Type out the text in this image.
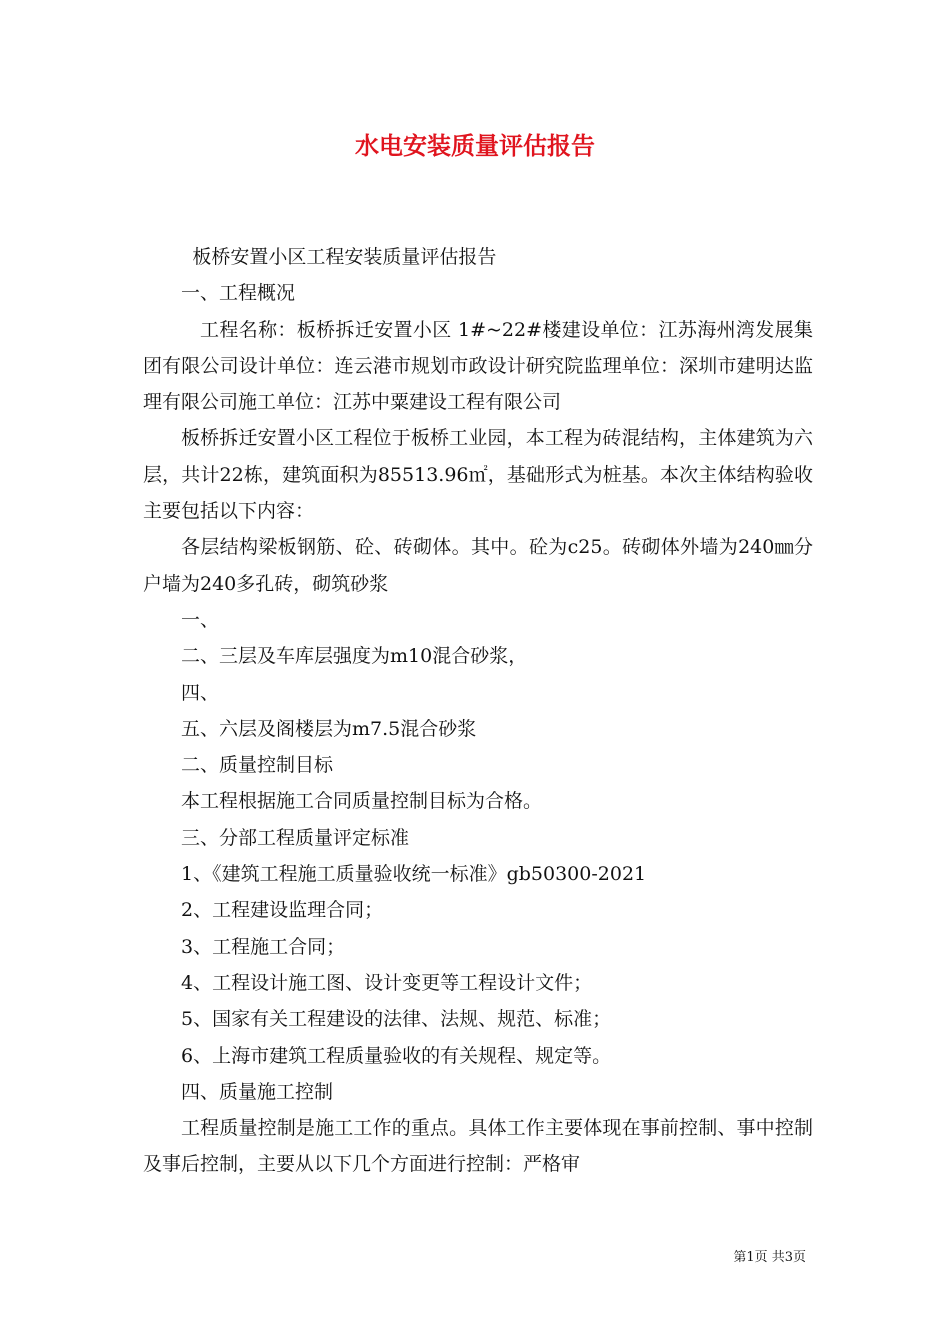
水电安装质量评估报告

板桥安置小区工程安装质量评估报告

一、工程概况

工程名称：板桥拆迁安置小区 1#~22#楼建设单位：江苏海州湾发展集团有限公司设计单位：连云港市规划市政设计研究院监理单位：深圳市建明达监理有限公司施工单位：江苏中粟建设工程有限公司

板桥拆迁安置小区工程位于板桥工业园，本工程为砖混结构，主体建筑为六层，共计22栋，建筑面积为85513.96㎡，基础形式为桩基。本次主体结构验收主要包括以下内容：

各层结构梁板钢筋、砼、砖砌体。其中。砼为c25。砖砌体外墙为240㎜分户墙为240多孔砖，砌筑砂浆

一、

二、三层及车库层强度为m10混合砂浆，

四、

五、六层及阁楼层为m7.5混合砂浆

二、质量控制目标

本工程根据施工合同质量控制目标为合格。

三、分部工程质量评定标准

1、《建筑工程施工质量验收统一标准》gb50300-2021

2、工程建设监理合同；

3、工程施工合同；

4、工程设计施工图、设计变更等工程设计文件；

5、国家有关工程建设的法律、法规、规范、标准；

6、上海市建筑工程质量验收的有关规程、规定等。

四、质量施工控制

工程质量控制是施工工作的重点。具体工作主要体现在事前控制、事中控制及事后控制，主要从以下几个方面进行控制：严格审

第1页 共3页
